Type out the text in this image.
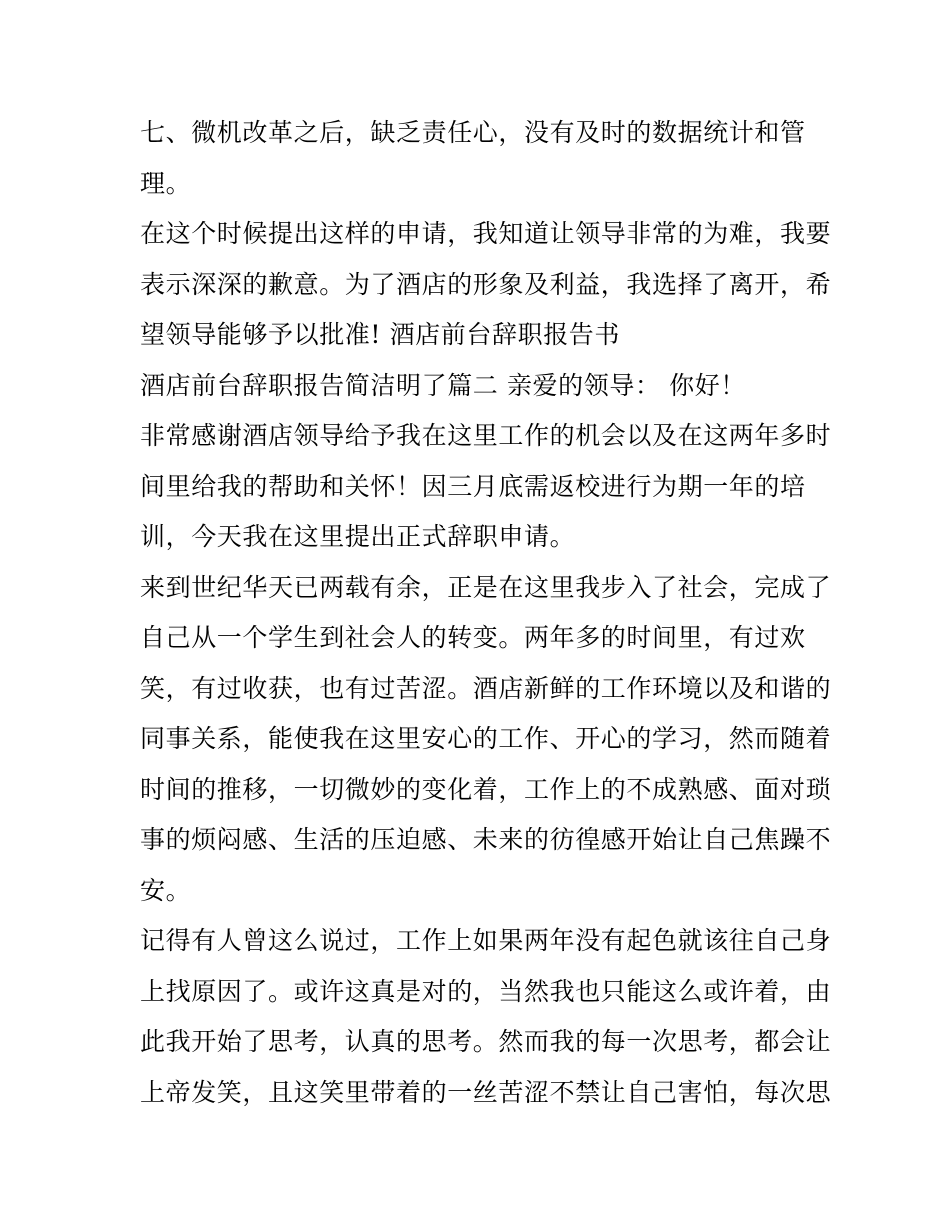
七、微机改革之后，缺乏责任心，没有及时的数据统计和管
理。
在这个时候提出这样的申请，我知道让领导非常的为难，我要
表示深深的歉意。为了酒店的形象及利益，我选择了离开，希
望领导能够予以批准! 酒店前台辞职报告书
酒店前台辞职报告简洁明了篇二 亲爱的领导： 你好！
非常感谢酒店领导给予我在这里工作的机会以及在这两年多时
间里给我的帮助和关怀！因三月底需返校进行为期一年的培
训，今天我在这里提出正式辞职申请。
来到世纪华天已两载有余，正是在这里我步入了社会，完成了
自己从一个学生到社会人的转变。两年多的时间里，有过欢
笑，有过收获，也有过苦涩。酒店新鲜的工作环境以及和谐的
同事关系，能使我在这里安心的工作、开心的学习，然而随着
时间的推移，一切微妙的变化着，工作上的不成熟感、面对琐
事的烦闷感、生活的压迫感、未来的彷徨感开始让自己焦躁不
安。
记得有人曾这么说过，工作上如果两年没有起色就该往自己身
上找原因了。或许这真是对的，当然我也只能这么或许着，由
此我开始了思考，认真的思考。然而我的每一次思考，都会让
上帝发笑，且这笑里带着的一丝苦涩不禁让自己害怕，每次思
